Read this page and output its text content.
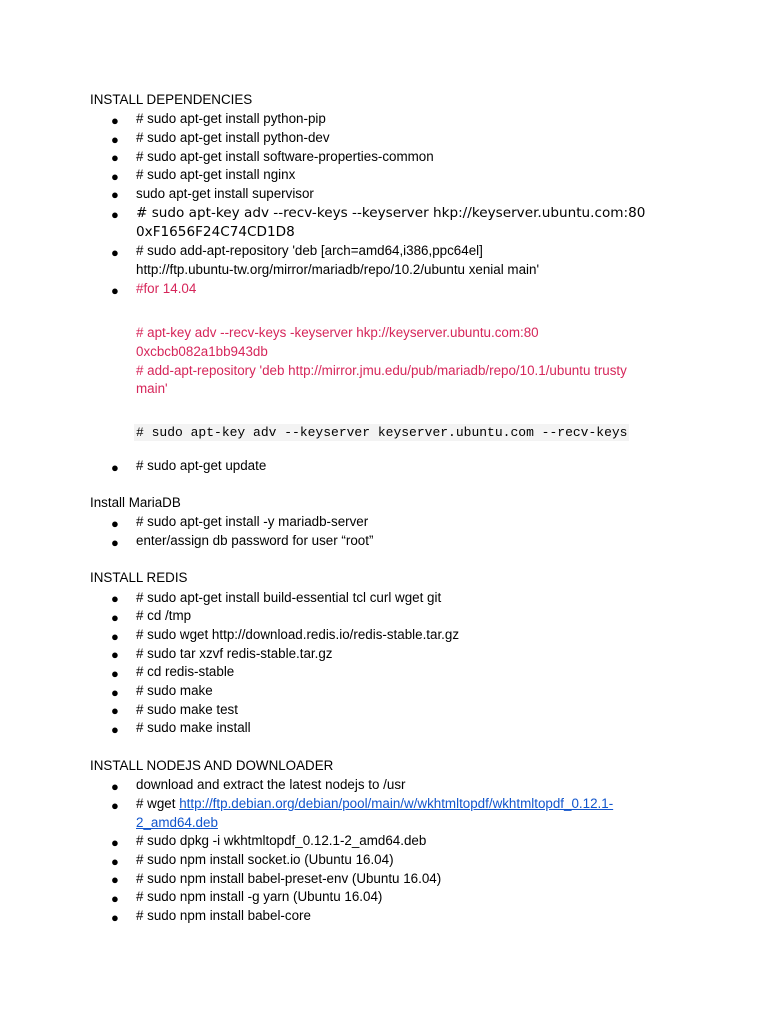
INSTALL DEPENDENCIES
● # sudo apt-get install python-pip
● # sudo apt-get install python-dev
● # sudo apt-get install software-properties-common
● # sudo apt-get install nginx
● sudo apt-get install supervisor
● # sudo apt-key adv --recv-keys --keyserver hkp://keyserver.ubuntu.com:80
0xF1656F24C74CD1D8
● # sudo add-apt-repository 'deb [arch=amd64,i386,ppc64el]
http://ftp.ubuntu-tw.org/mirror/mariadb/repo/10.2/ubuntu xenial main'
● #for 14.04
# apt-key adv --recv-keys -keyserver hkp://keyserver.ubuntu.com:80
0xcbcb082a1bb943db
# add-apt-repository 'deb http://mirror.jmu.edu/pub/mariadb/repo/10.1/ubuntu trusty
main'
# sudo apt-key adv --keyserver keyserver.ubuntu.com --recv-keys
● # sudo apt-get update
Install MariaDB
● # sudo apt-get install -y mariadb-server
● enter/assign db password for user “root”
INSTALL REDIS
● # sudo apt-get install build-essential tcl curl wget git
● # cd /tmp
● # sudo wget http://download.redis.io/redis-stable.tar.gz
● # sudo tar xzvf redis-stable.tar.gz
● # cd redis-stable
● # sudo make
● # sudo make test
● # sudo make install
INSTALL NODEJS AND DOWNLOADER
● download and extract the latest nodejs to /usr
● # wget http://ftp.debian.org/debian/pool/main/w/wkhtmltopdf/wkhtmltopdf_0.12.1-
2_amd64.deb
● # sudo dpkg -i wkhtmltopdf_0.12.1-2_amd64.deb
● # sudo npm install socket.io (Ubuntu 16.04)
● # sudo npm install babel-preset-env (Ubuntu 16.04)
● # sudo npm install -g yarn (Ubuntu 16.04)
● # sudo npm install babel-core
